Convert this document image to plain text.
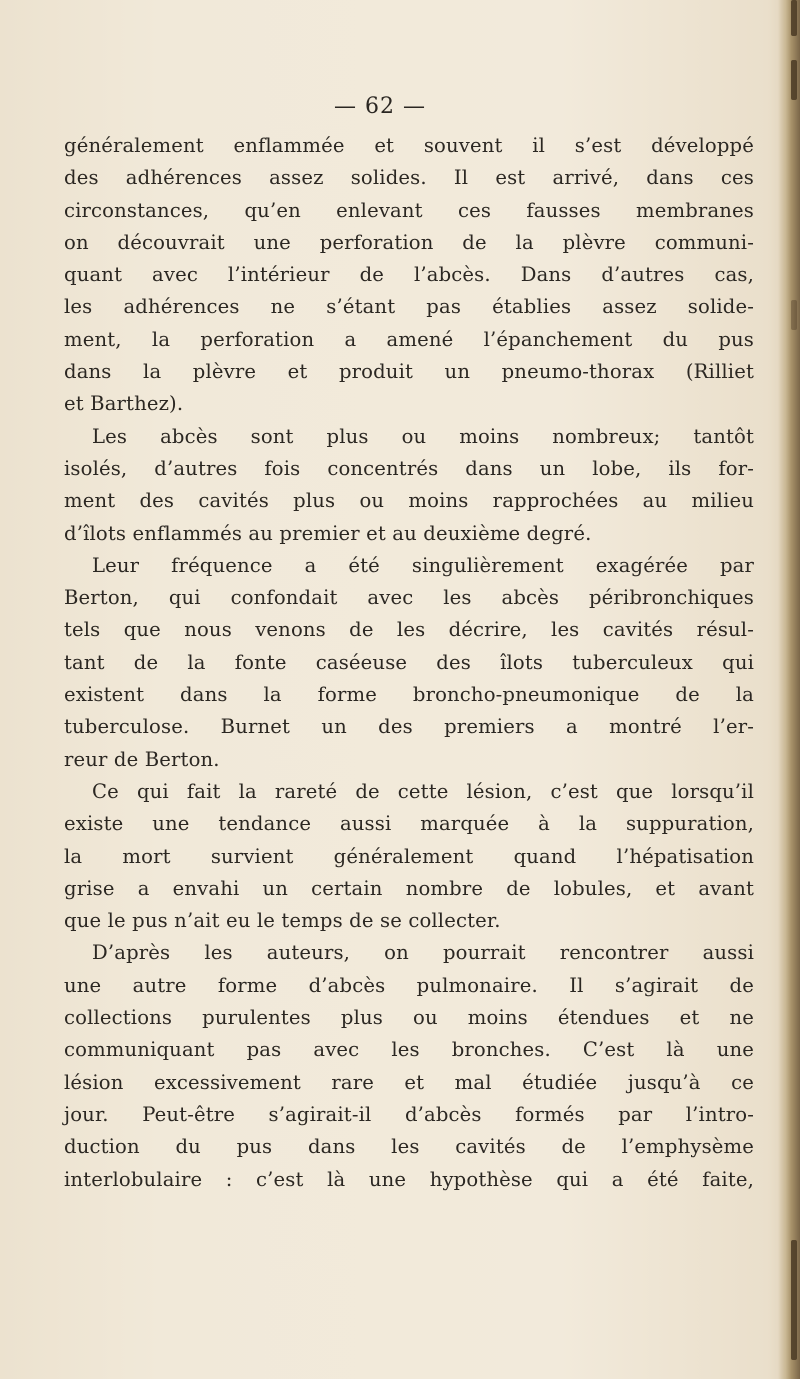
— 62 —
généralement enflammée et souvent il s’est développé
des adhérences assez solides. Il est arrivé, dans ces
circonstances, qu’en enlevant ces fausses membranes
on découvrait une perforation de la plèvre communi-
quant avec l’intérieur de l’abcès. Dans d’autres cas,
les adhérences ne s’étant pas établies assez solide-
ment, la perforation a amené l’épanchement du pus
dans la plèvre et produit un pneumo-thorax (Rilliet
et Barthez).
Les abcès sont plus ou moins nombreux; tantôt
isolés, d’autres fois concentrés dans un lobe, ils for-
ment des cavités plus ou moins rapprochées au milieu
d’îlots enflammés au premier et au deuxième degré.
Leur fréquence a été singulièrement exagérée par
Berton, qui confondait avec les abcès péribronchiques
tels que nous venons de les décrire, les cavités résul-
tant de la fonte caséeuse des îlots tuberculeux qui
existent dans la forme broncho-pneumonique de la
tuberculose. Burnet un des premiers a montré l’er-
reur de Berton.
Ce qui fait la rareté de cette lésion, c’est que lorsqu’il
existe une tendance aussi marquée à la suppuration,
la mort survient généralement quand l’hépatisation
grise a envahi un certain nombre de lobules, et avant
que le pus n’ait eu le temps de se collecter.
D’après les auteurs, on pourrait rencontrer aussi
une autre forme d’abcès pulmonaire. Il s’agirait de
collections purulentes plus ou moins étendues et ne
communiquant pas avec les bronches. C’est là une
lésion excessivement rare et mal étudiée jusqu’à ce
jour. Peut-être s’agirait-il d’abcès formés par l’intro-
duction du pus dans les cavités de l’emphysème
interlobulaire : c’est là une hypothèse qui a été faite,
